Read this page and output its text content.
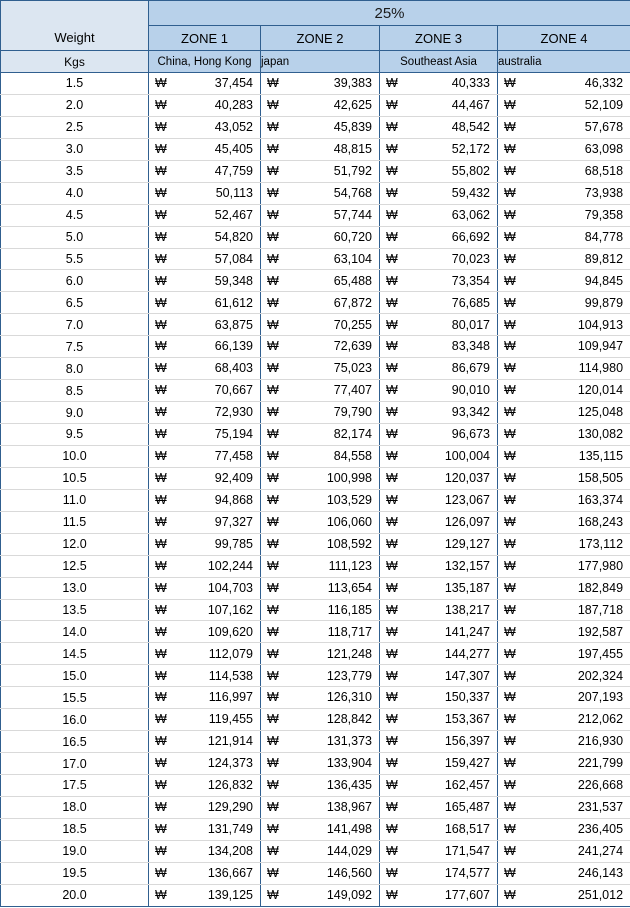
	25%			
Weight	ZONE 1	ZONE 2	ZONE 3	ZONE 4
Kgs	China, Hong Kong	japan	Southeast Asia	australia
1.5	₩ 37,454	₩ 39,383	₩ 40,333	₩ 46,332

2.0	₩ 40,283	₩ 42,625	₩ 44,467	₩ 52,109

2.5	₩ 43,052	₩ 45,839	₩ 48,542	₩ 57,678

3.0	₩ 45,405	₩ 48,815	₩ 52,172	₩ 63,098

3.5	₩ 47,759	₩ 51,792	₩ 55,802	₩ 68,518

4.0	₩ 50,113	₩ 54,768	₩ 59,432	₩ 73,938

4.5	₩ 52,467	₩ 57,744	₩ 63,062	₩ 79,358

5.0	₩ 54,820	₩ 60,720	₩ 66,692	₩ 84,778

5.5	₩ 57,084	₩ 63,104	₩ 70,023	₩ 89,812

6.0	₩ 59,348	₩ 65,488	₩ 73,354	₩ 94,845

6.5	₩ 61,612	₩ 67,872	₩ 76,685	₩ 99,879

7.0	₩ 63,875	₩ 70,255	₩ 80,017	₩ 104,913

7.5	₩ 66,139	₩ 72,639	₩ 83,348	₩ 109,947

8.0	₩ 68,403	₩ 75,023	₩ 86,679	₩ 114,980

8.5	₩ 70,667	₩ 77,407	₩ 90,010	₩ 120,014

9.0	₩ 72,930	₩ 79,790	₩ 93,342	₩ 125,048

9.5	₩ 75,194	₩ 82,174	₩ 96,673	₩ 130,082

10.0	₩ 77,458	₩ 84,558	₩ 100,004	₩ 135,115

10.5	₩ 92,409	₩ 100,998	₩ 120,037	₩ 158,505

11.0	₩ 94,868	₩ 103,529	₩ 123,067	₩ 163,374

11.5	₩ 97,327	₩ 106,060	₩ 126,097	₩ 168,243

12.0	₩ 99,785	₩ 108,592	₩ 129,127	₩ 173,112

12.5	₩ 102,244	₩ 111,123	₩ 132,157	₩ 177,980

13.0	₩ 104,703	₩ 113,654	₩ 135,187	₩ 182,849

13.5	₩ 107,162	₩ 116,185	₩ 138,217	₩ 187,718

14.0	₩ 109,620	₩ 118,717	₩ 141,247	₩ 192,587

14.5	₩ 112,079	₩ 121,248	₩ 144,277	₩ 197,455

15.0	₩ 114,538	₩ 123,779	₩ 147,307	₩ 202,324

15.5	₩ 116,997	₩ 126,310	₩ 150,337	₩ 207,193

16.0	₩ 119,455	₩ 128,842	₩ 153,367	₩ 212,062

16.5	₩ 121,914	₩ 131,373	₩ 156,397	₩ 216,930

17.0	₩ 124,373	₩ 133,904	₩ 159,427	₩ 221,799

17.5	₩ 126,832	₩ 136,435	₩ 162,457	₩ 226,668

18.0	₩ 129,290	₩ 138,967	₩ 165,487	₩ 231,537

18.5	₩ 131,749	₩ 141,498	₩ 168,517	₩ 236,405

19.0	₩ 134,208	₩ 144,029	₩ 171,547	₩ 241,274

19.5	₩ 136,667	₩ 146,560	₩ 174,577	₩ 246,143

20.0	₩ 139,125	₩ 149,092	₩ 177,607	₩ 251,012
